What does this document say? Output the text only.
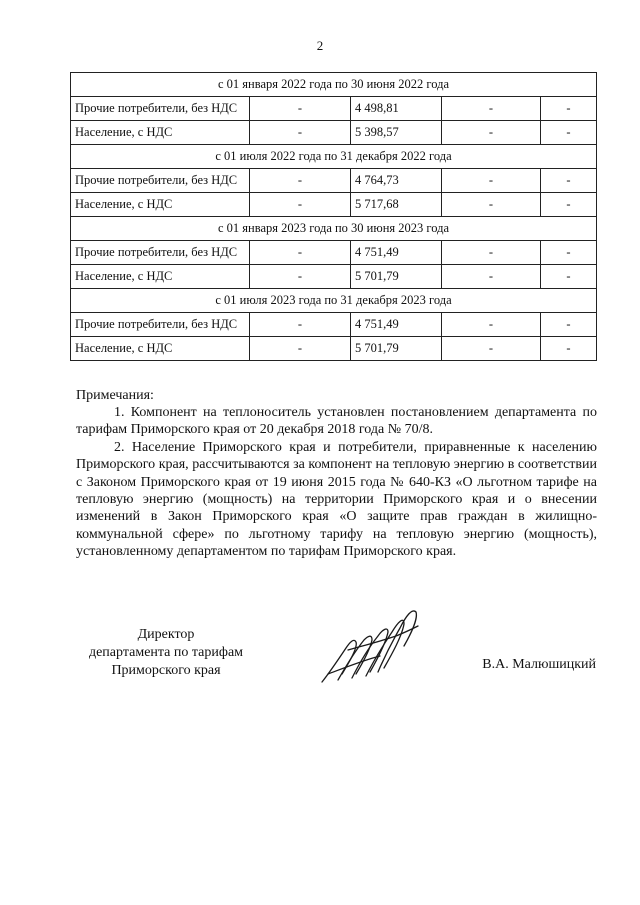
2
с 01 января 2022 года по 30 июня 2022 года				
Прочие потребители, без НДС	-	4 498,81	-	-
Население, с НДС	-	5 398,57	-	-
с 01 июля 2022 года по 31 декабря 2022 года				
Прочие потребители, без НДС	-	4 764,73	-	-
Население, с НДС	-	5 717,68	-	-
с 01 января 2023 года по 30 июня 2023 года				
Прочие потребители, без НДС	-	4 751,49	-	-
Население, с НДС	-	5 701,79	-	-
с 01 июля 2023 года по 31 декабря 2023 года				
Прочие потребители, без НДС	-	4 751,49	-	-
Население, с НДС	-	5 701,79	-	-
Примечания:

1. Компонент на теплоноситель установлен постановлением департамента по тарифам Приморского края от 20 декабря 2018 года № 70/8.

2. Население Приморского края и потребители, приравненные к населению Приморского края, рассчитываются за компонент на тепловую энергию в соответствии с Законом Приморского края от 19 июня 2015 года № 640-КЗ «О льготном тарифе на тепловую энергию (мощность) на территории Приморского края и о внесении изменений в Закон Приморского края «О защите прав граждан в жилищно-коммунальной сфере» по льготному тарифу на тепловую энергию (мощность), установленному департаментом по тарифам Приморского края.

Директор
департамента по тарифам
Приморского края	В.А. Малюшицкий
